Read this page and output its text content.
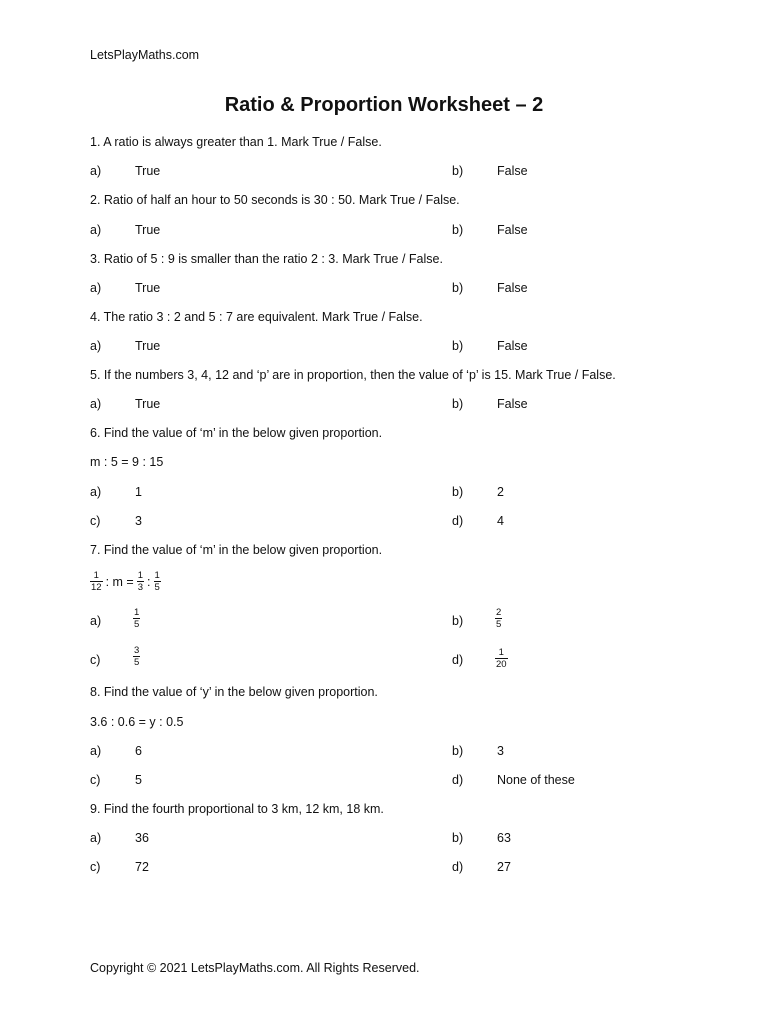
LetsPlayMaths.com
Ratio & Proportion Worksheet – 2
1. A ratio is always greater than 1. Mark True / False.
a)	True	b)	False
2. Ratio of half an hour to 50 seconds is 30 : 50. Mark True / False.
a)	True	b)	False
3. Ratio of 5 : 9 is smaller than the ratio 2 : 3. Mark True / False.
a)	True	b)	False
4. The ratio 3 : 2 and 5 : 7 are equivalent. Mark True / False.
a)	True	b)	False
5. If the numbers 3, 4, 12 and ‘p’ are in proportion, then the value of ‘p’ is 15. Mark True / False.
a)	True	b)	False
6. Find the value of ‘m’ in the below given proportion.
m : 5 = 9 : 15
a)	1	b)	2
c)	3	d)	4
7. Find the value of ‘m’ in the below given proportion.
$\frac{1}{12}$ : $m = \frac{1}{3}$ : $\frac{1}{5}$
a)	$\frac{1}{5}$	b)	$\frac{2}{5}$
c)	$\frac{3}{5}$	d)	$\frac{1}{20}$
8. Find the value of ‘y’ in the below given proportion.
3.6 : 0.6 = y : 0.5
a)	6	b)	3
c)	5	d)	None of these
9. Find the fourth proportional to 3 km, 12 km, 18 km.
a)	36	b)	63
c)	72	d)	27
Copyright © 2021 LetsPlayMaths.com. All Rights Reserved.
